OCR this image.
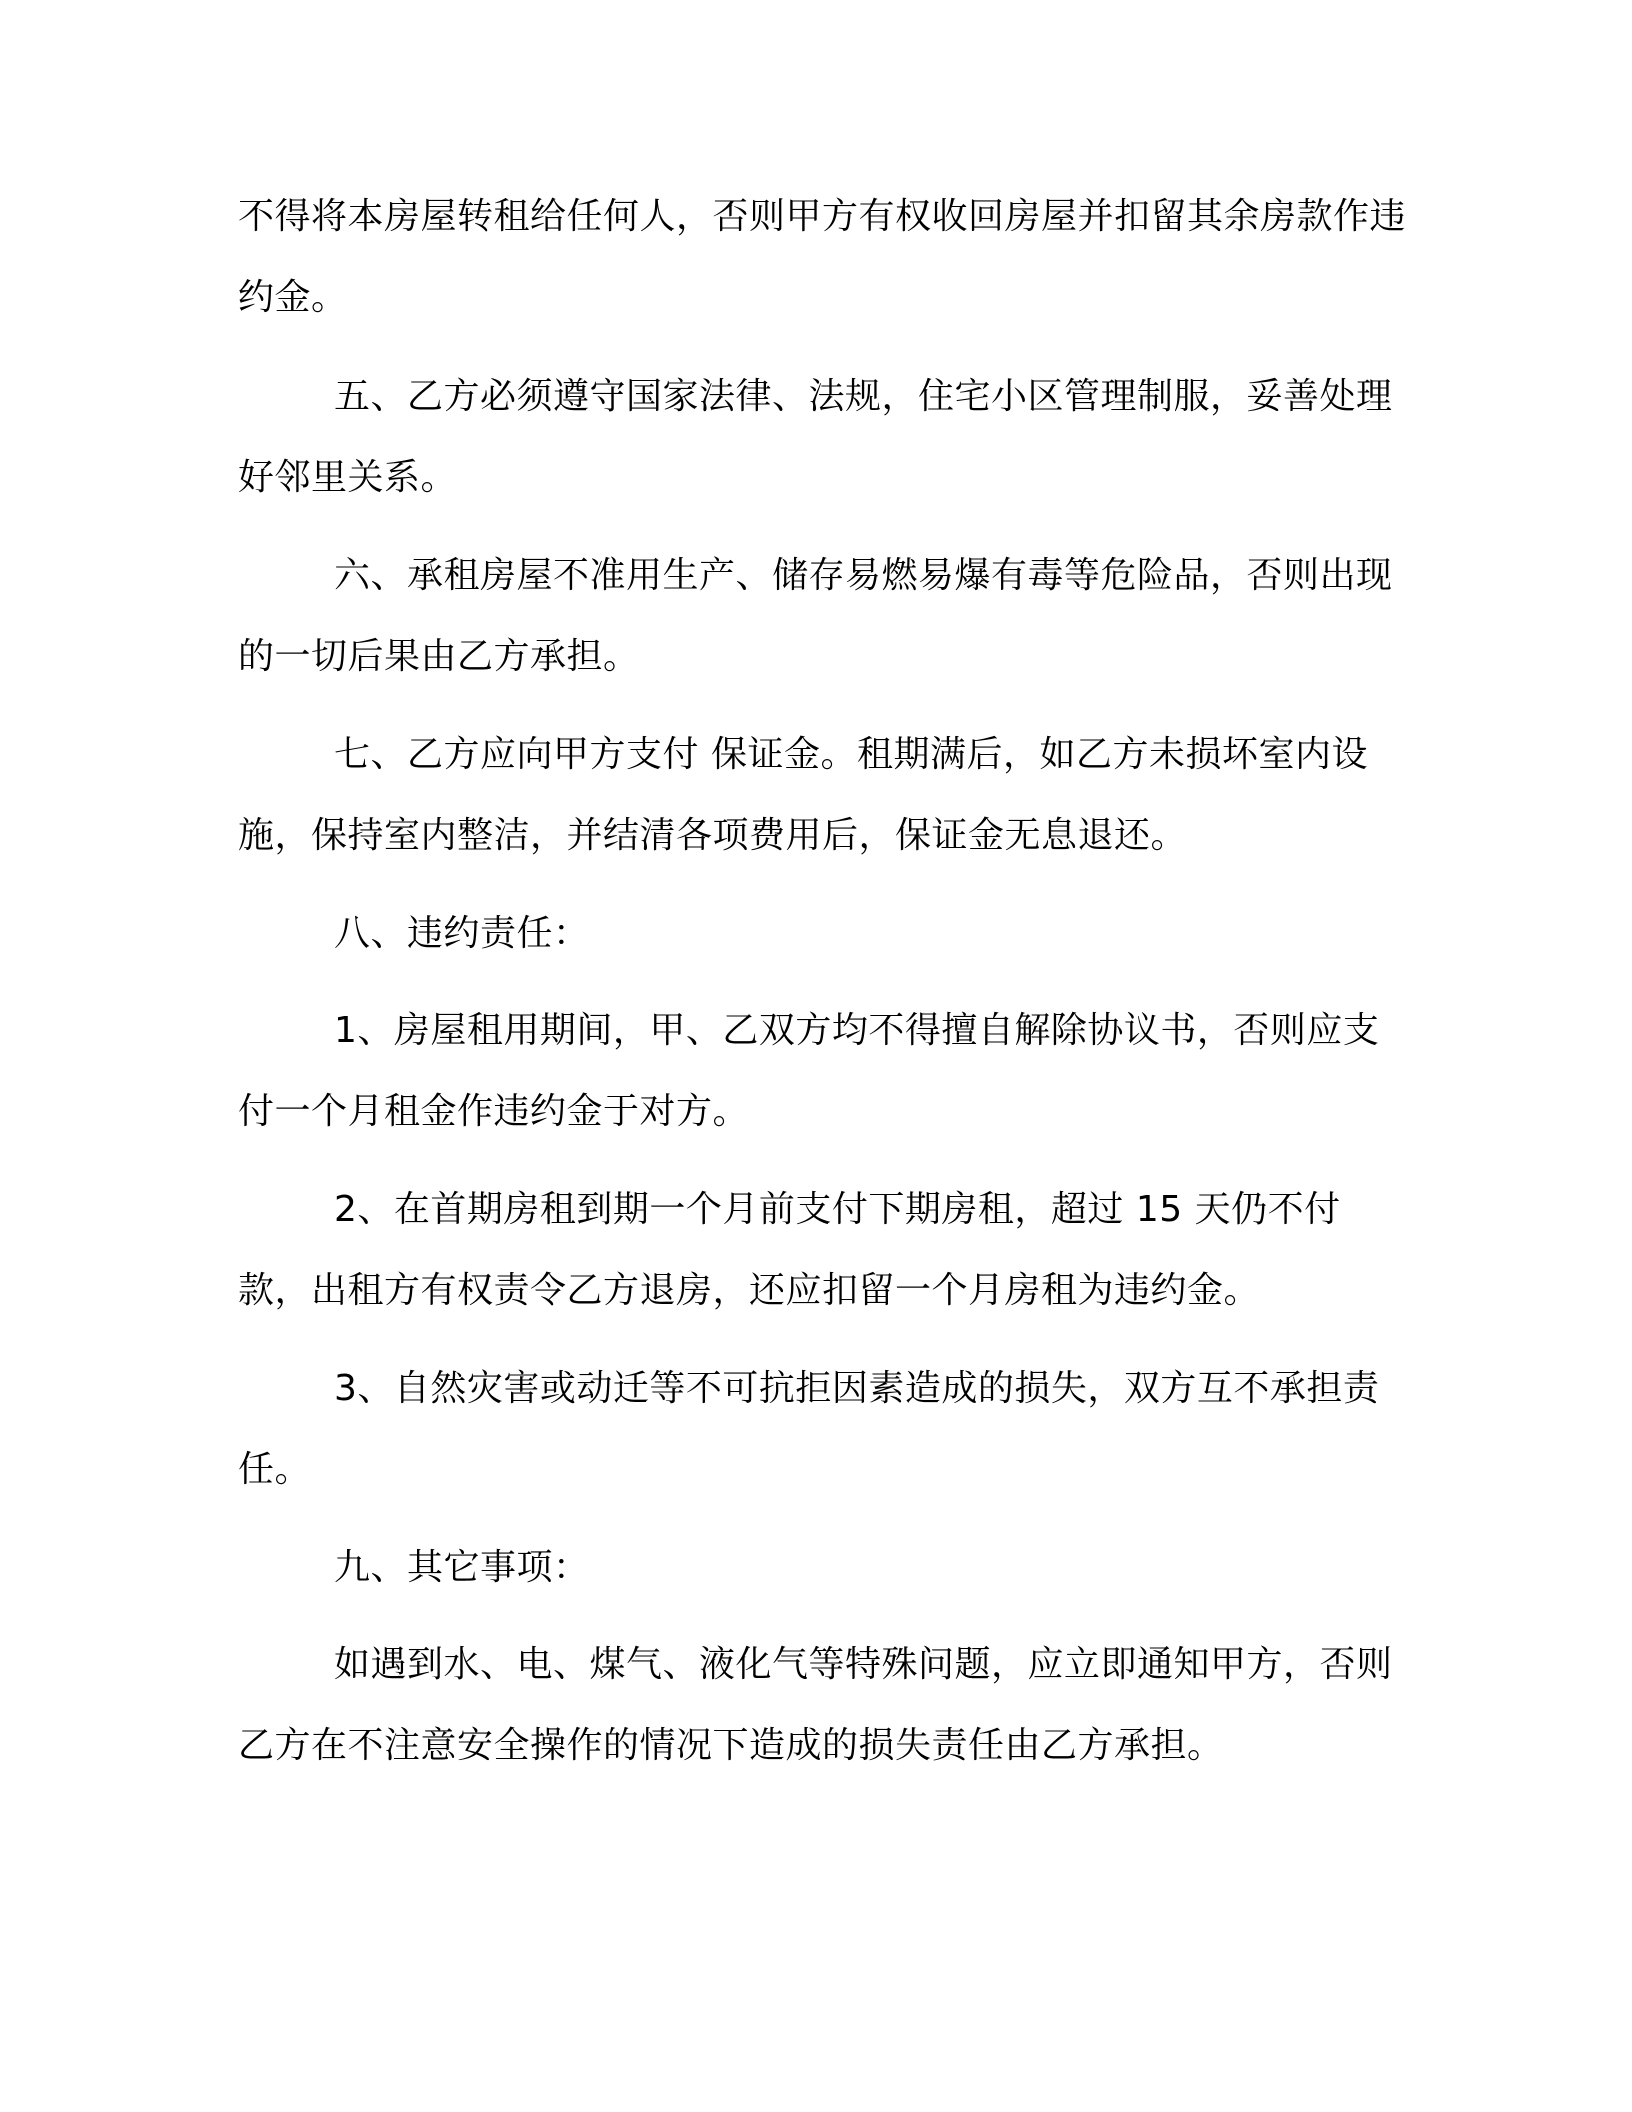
不得将本房屋转租给任何人，否则甲方有权收回房屋并扣留其余房款作违约金。

五、乙方必须遵守国家法律、法规，住宅小区管理制服，妥善处理好邻里关系。

六、承租房屋不准用生产、储存易燃易爆有毒等危险品，否则出现的一切后果由乙方承担。

七、乙方应向甲方支付 保证金。租期满后，如乙方未损坏室内设施，保持室内整洁，并结清各项费用后，保证金无息退还。

八、违约责任：

1、房屋租用期间，甲、乙双方均不得擅自解除协议书，否则应支付一个月租金作违约金于对方。

2、在首期房租到期一个月前支付下期房租，超过 15 天仍不付款，出租方有权责令乙方退房，还应扣留一个月房租为违约金。

3、自然灾害或动迁等不可抗拒因素造成的损失，双方互不承担责任。

九、其它事项：

如遇到水、电、煤气、液化气等特殊问题，应立即通知甲方，否则乙方在不注意安全操作的情况下造成的损失责任由乙方承担。
